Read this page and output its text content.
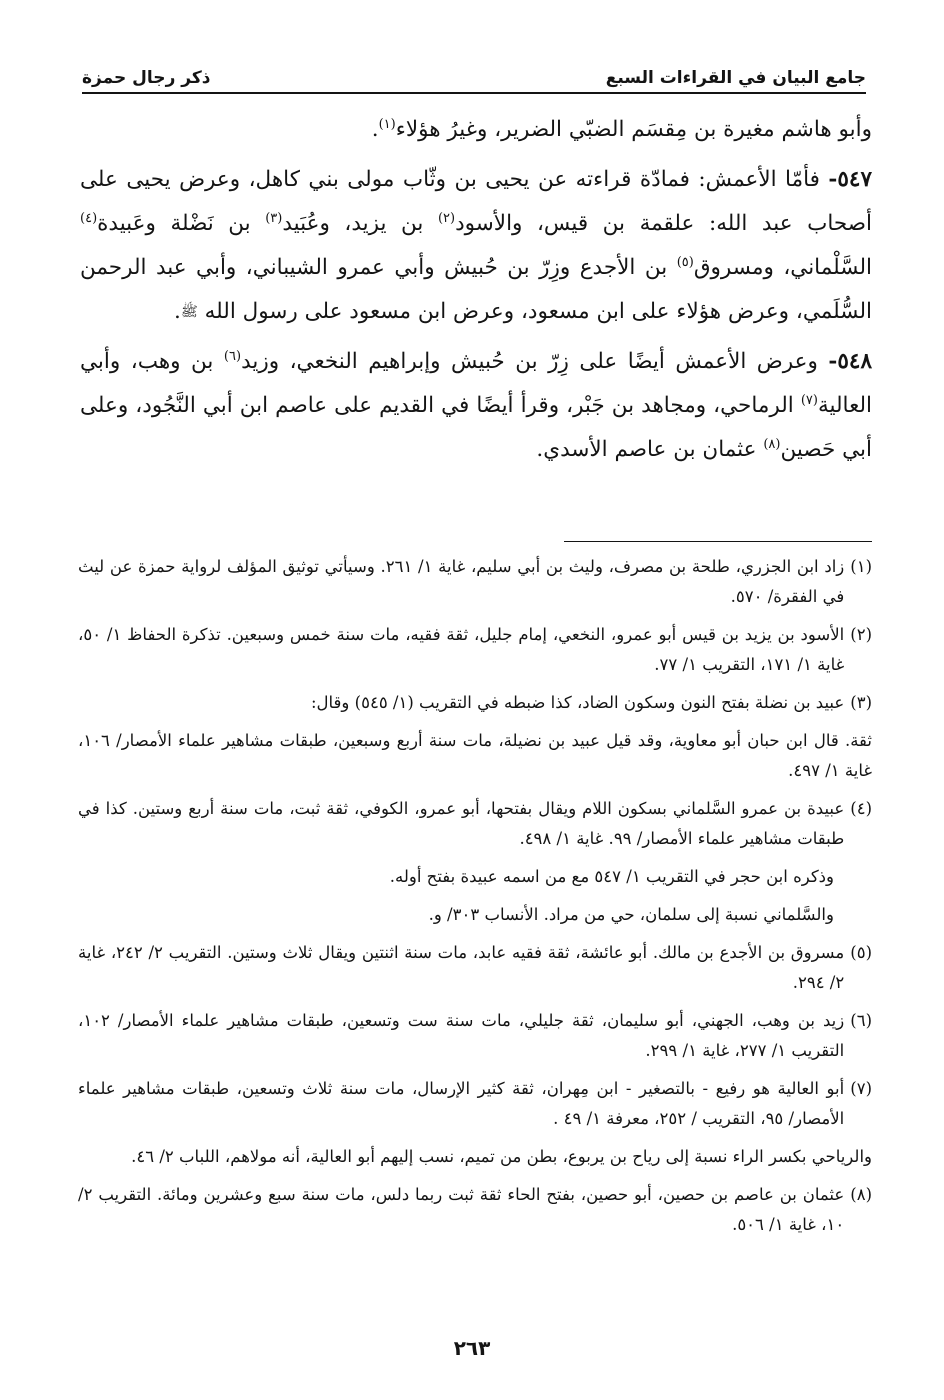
جامع البيان في القراءات السبع
ذكر رجال حمزة

وأبو هاشم مغيرة بن مِقسَم الضبّي الضرير، وغيرُ هؤلاء$^{(١)}$.

٥٤٧- فأمّا الأعمش: فمادّة قراءته عن يحيى بن وثّاب مولى بني كاهل، وعرض يحيى على أصحاب عبد الله: علقمة بن قيس، والأسود$^{(٢)}$ بن يزيد، وعُبَيد$^{(٣)}$ بن نَضْلة وعَبيدة$^{(٤)}$ السَّلْماني، ومسروق$^{(٥)}$ بن الأجدع وزِرّ بن حُبيش وأبي عمرو الشيباني، وأبي عبد الرحمن السُّلَمي، وعرض هؤلاء على ابن مسعود، وعرض ابن مسعود على رسول الله ﷺ.

٥٤٨- وعرض الأعمش أيضًا على زِرّ بن حُبيش وإبراهيم النخعي، وزيد$^{(٦)}$ بن وهب، وأبي العالية$^{(٧)}$ الرماحي، ومجاهد بن جَبْر، وقرأ أيضًا في القديم على عاصم ابن أبي النَّجُود، وعلى أبي حَصين$^{(٨)}$ عثمان بن عاصم الأسدي.

(١)
زاد ابن الجزري، طلحة بن مصرف، وليث بن أبي سليم، غاية ١/ ٢٦١. وسيأتي توثيق المؤلف لرواية حمزة عن ليث في الفقرة/ ٥٧٠.
(٢)
الأسود بن يزيد بن قيس أبو عمرو، النخعي، إمام جليل، ثقة فقيه، مات سنة خمس وسبعين. تذكرة الحفاظ ١/ ٥٠، غاية ١/ ١٧١، التقريب ١/ ٧٧.
(٣)
عبيد بن نضلة بفتح النون وسكون الضاد، كذا ضبطه في التقريب (١/ ٥٤٥) وقال:
ثقة. قال ابن حبان أبو معاوية، وقد قيل عبيد بن نضيلة، مات سنة أربع وسبعين، طبقات مشاهير علماء الأمصار/ ١٠٦، غاية ١/ ٤٩٧.
(٤)
عبيدة بن عمرو السَّلماني بسكون اللام ويقال بفتحها، أبو عمرو، الكوفي، ثقة ثبت، مات سنة أربع وستين. كذا في طبقات مشاهير علماء الأمصار/ ٩٩. غاية ١/ ٤٩٨.
وذكره ابن حجر في التقريب ١/ ٥٤٧ مع من اسمه عبيدة بفتح أوله.
والسَّلماني نسبة إلى سلمان، حي من مراد. الأنساب ٣٠٣/ و.
(٥)
مسروق بن الأجدع بن مالك. أبو عائشة، ثقة فقيه عابد، مات سنة اثنتين ويقال ثلاث وستين. التقريب ٢/ ٢٤٢، غاية ٢/ ٢٩٤.
(٦)
زيد بن وهب، الجهني، أبو سليمان، ثقة جليلي، مات سنة ست وتسعين، طبقات مشاهير علماء الأمصار/ ١٠٢، التقريب ١/ ٢٧٧، غاية ١/ ٢٩٩.
(٧)
أبو العالية هو رفيع - بالتصغير - ابن مِهران، ثقة كثير الإرسال، مات سنة ثلاث وتسعين، طبقات مشاهير علماء الأمصار/ ٩٥، التقريب / ٢٥٢، معرفة ١/ ٤٩ .
والرياحي بكسر الراء نسبة إلى رياح بن يربوع، بطن من تميم، نسب إليهم أبو العالية، أنه مولاهم، اللباب ٢/ ٤٦.
(٨)
عثمان بن عاصم بن حصين، أبو حصين، بفتح الحاء ثقة ثبت ربما دلس، مات سنة سبع وعشرين ومائة. التقريب ٢/ ١٠، غاية ١/ ٥٠٦.
٢٦٣
